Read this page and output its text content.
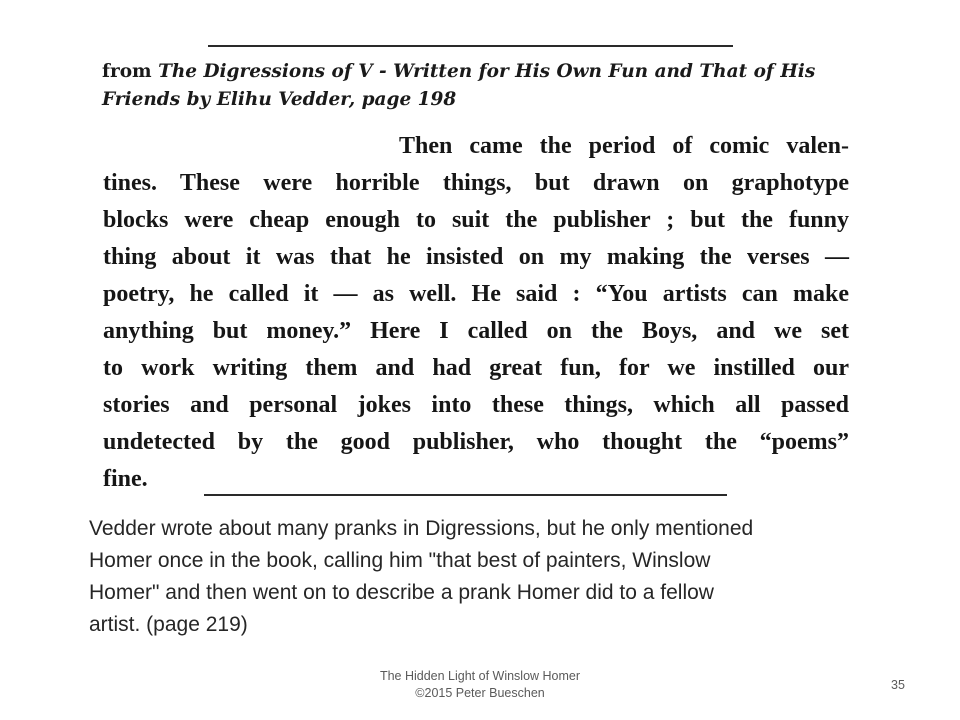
from The Digressions of V - Written for His Own Fun and That of His
Friends by Elihu Vedder, page 198

Then came the period of comic valen-
tines. These were horrible things, but drawn on graphotype
blocks were cheap enough to suit the publisher ; but the funny
thing about it was that he insisted on my making the verses —
poetry, he called it — as well. He said : “You artists can make
anything but money.” Here I called on the Boys, and we set
to work writing them and had great fun, for we instilled our
stories and personal jokes into these things, which all passed
undetected by the good publisher, who thought the “poems”
fine.

Vedder wrote about many pranks in Digressions, but he only mentioned
Homer once in the book, calling him "that best of painters, Winslow
Homer" and then went on to describe a prank Homer did to a fellow
artist. (page 219)

The Hidden Light of Winslow Homer
©2015 Peter Bueschen
35
